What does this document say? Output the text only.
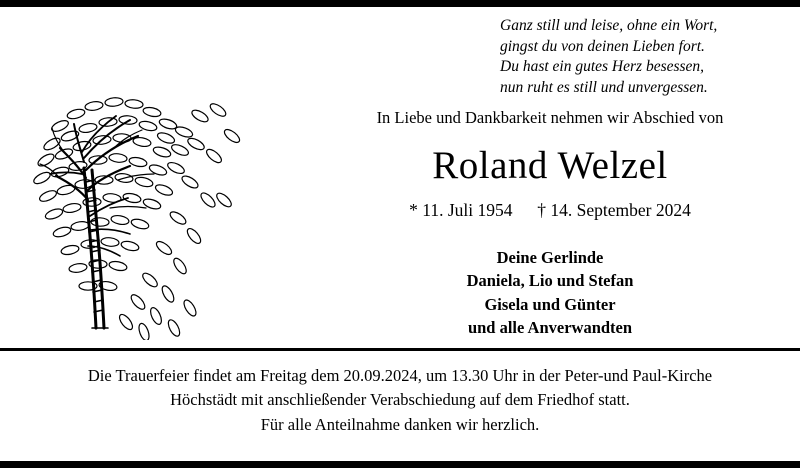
Ganz still und leise, ohne ein Wort,
gingst du von deinen Lieben fort.
Du hast ein gutes Herz besessen,
nun ruht es still und unvergessen.
In Liebe und Dankbarkeit nehmen wir Abschied von
Roland Welzel
* 11. Juli 1954 † 14. September 2024
Deine Gerlinde
Daniela, Lio und Stefan
Gisela und Günter
und alle Anverwandten
Die Trauerfeier findet am Freitag dem 20.09.2024, um 13.30 Uhr in der Peter-und Paul-Kirche
Höchstädt mit anschließender Verabschiedung auf dem Friedhof statt.
Für alle Anteilnahme danken wir herzlich.
